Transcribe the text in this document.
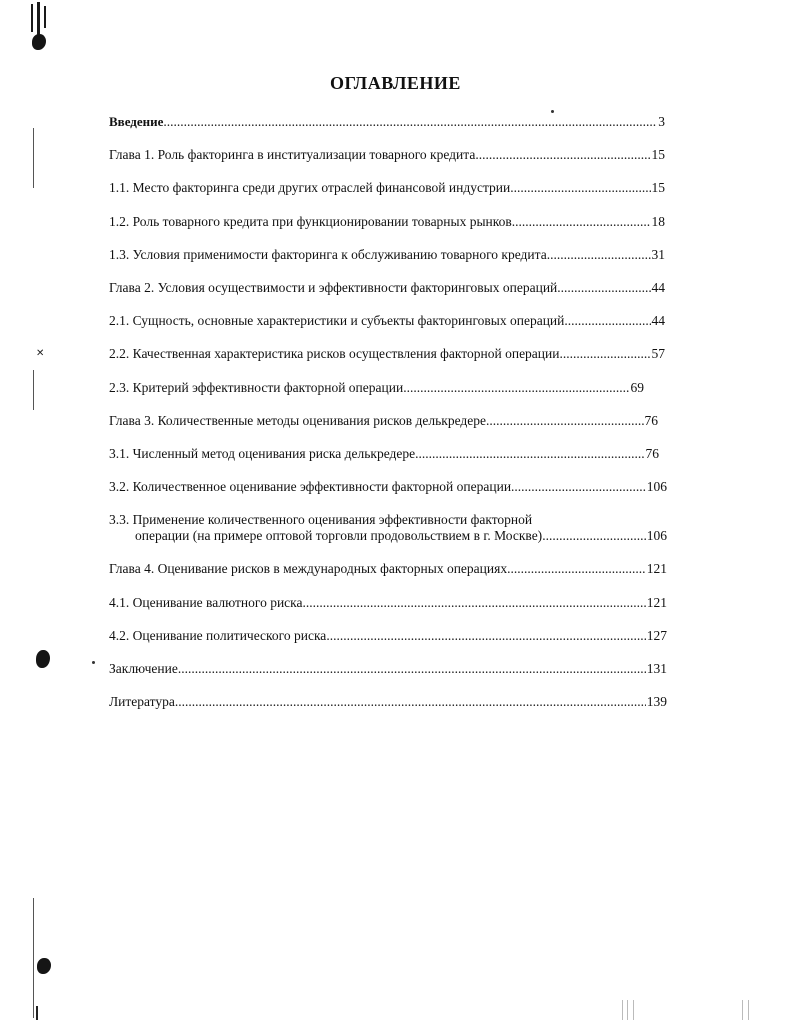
✕
ОГЛАВЛЕНИЕ
Введение .....	3
Глава 1. Роль факторинга в институализации товарного кредита .....	15
1.1. Место факторинга среди других отраслей финансовой индустрии .....	15
1.2. Роль товарного кредита при функционировании товарных рынков .....	18
1.3. Условия применимости факторинга к обслуживанию товарного кредита .....	31
Глава 2. Условия осуществимости и эффективности факторинговых операций .....	44
2.1. Сущность, основные характеристики и субъекты факторинговых операций .....	44
2.2. Качественная характеристика рисков осуществления факторной операции .....	57
2.3. Критерий эффективности факторной операции .....	69
Глава 3. Количественные методы оценивания рисков делькредере .....	76
3.1. Численный метод оценивания риска делькредере .....	76
3.2. Количественное оценивание эффективности факторной операции .....	106
3.3. Применение количественного оценивания эффективности факторной
операции (на примере оптовой торговли продовольствием в г. Москве) .....	106
Глава 4. Оценивание рисков в международных факторных операциях .....	121
4.1. Оценивание валютного риска .....	121
4.2. Оценивание политического риска .....	127
Заключение .....	131
Литература .....	139
